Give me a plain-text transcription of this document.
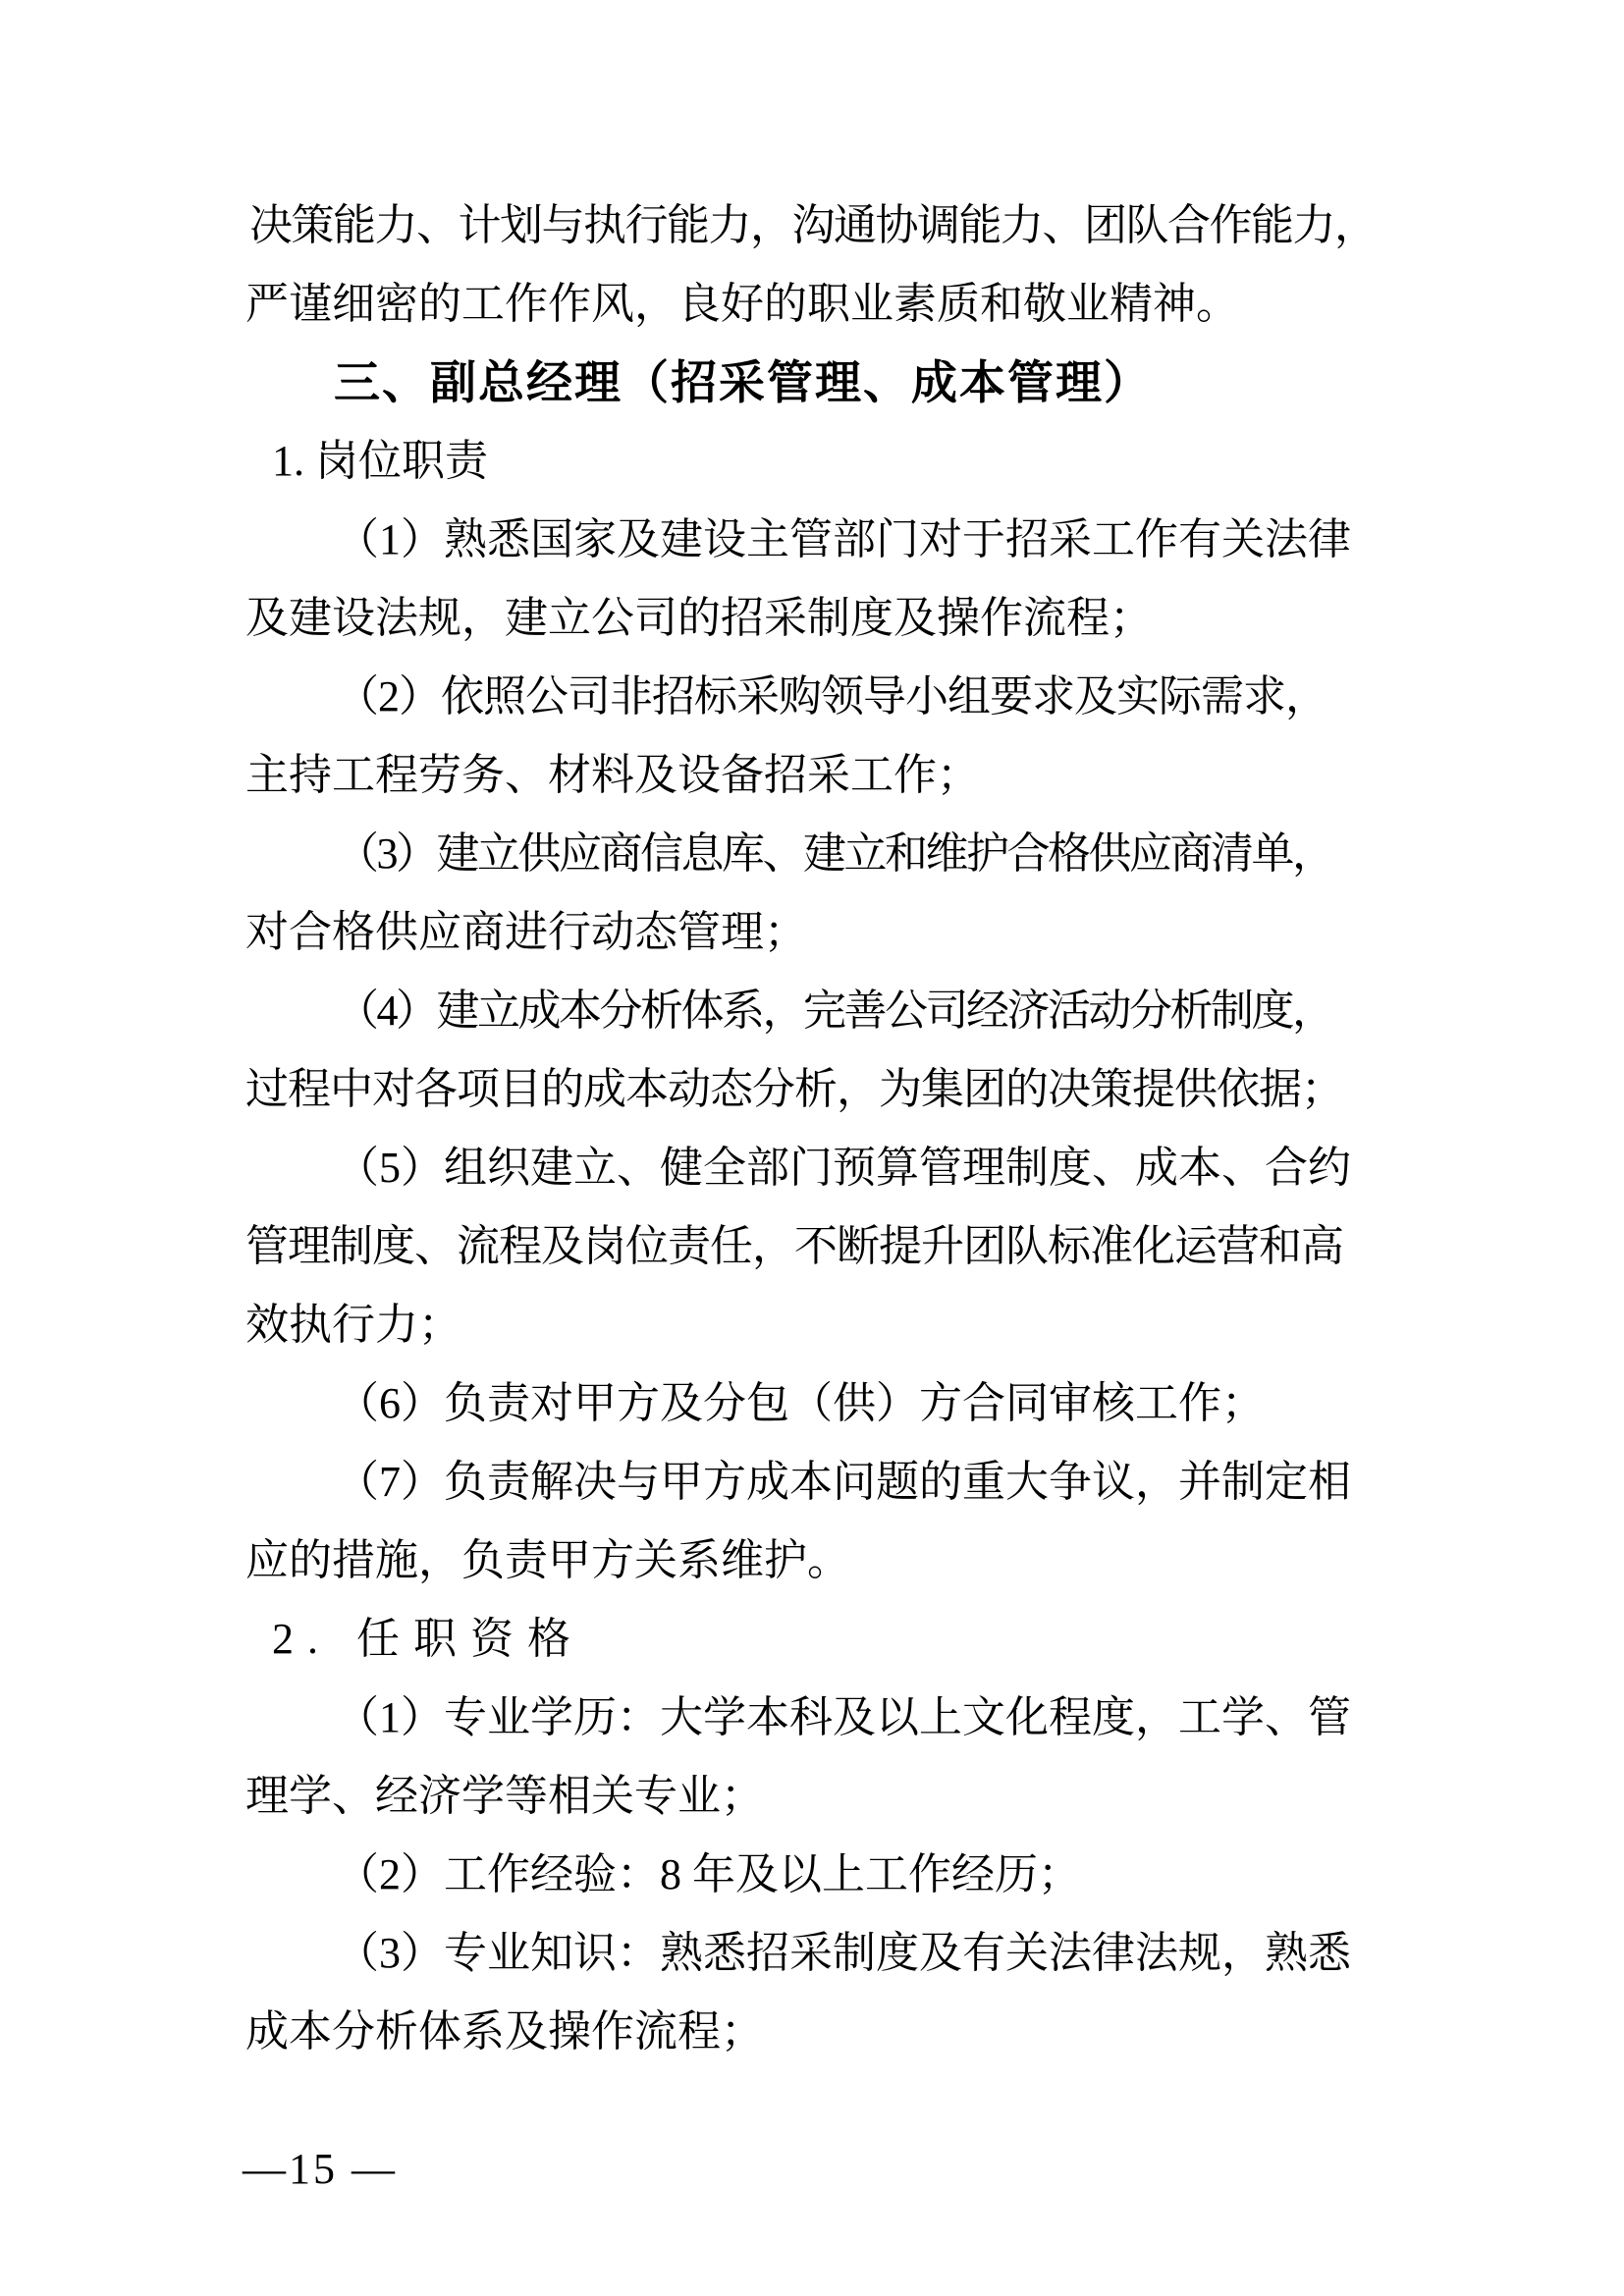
决策能力、计划与执行能力，沟通协调能力、团队合作能力，
严谨细密的工作作风，良好的职业素质和敬业精神。
三、副总经理（招采管理、成本管理）
1. 岗位职责
（1）熟悉国家及建设主管部门对于招采工作有关法律
及建设法规，建立公司的招采制度及操作流程；
（2）依照公司非招标采购领导小组要求及实际需求，
主持工程劳务、材料及设备招采工作；
（3）建立供应商信息库、建立和维护合格供应商清单，
对合格供应商进行动态管理；
（4）建立成本分析体系，完善公司经济活动分析制度，
过程中对各项目的成本动态分析，为集团的决策提供依据；
（5）组织建立、健全部门预算管理制度、成本、合约
管理制度、流程及岗位责任，不断提升团队标准化运营和高
效执行力；
（6）负责对甲方及分包（供）方合同审核工作；
（7）负责解决与甲方成本问题的重大争议，并制定相
应的措施，负责甲方关系维护。
2. 任职资格
（1）专业学历：大学本科及以上文化程度，工学、管
理学、经济学等相关专业；
（2）工作经验：8 年及以上工作经历；
（3）专业知识：熟悉招采制度及有关法律法规，熟悉
成本分析体系及操作流程；
—15 —
